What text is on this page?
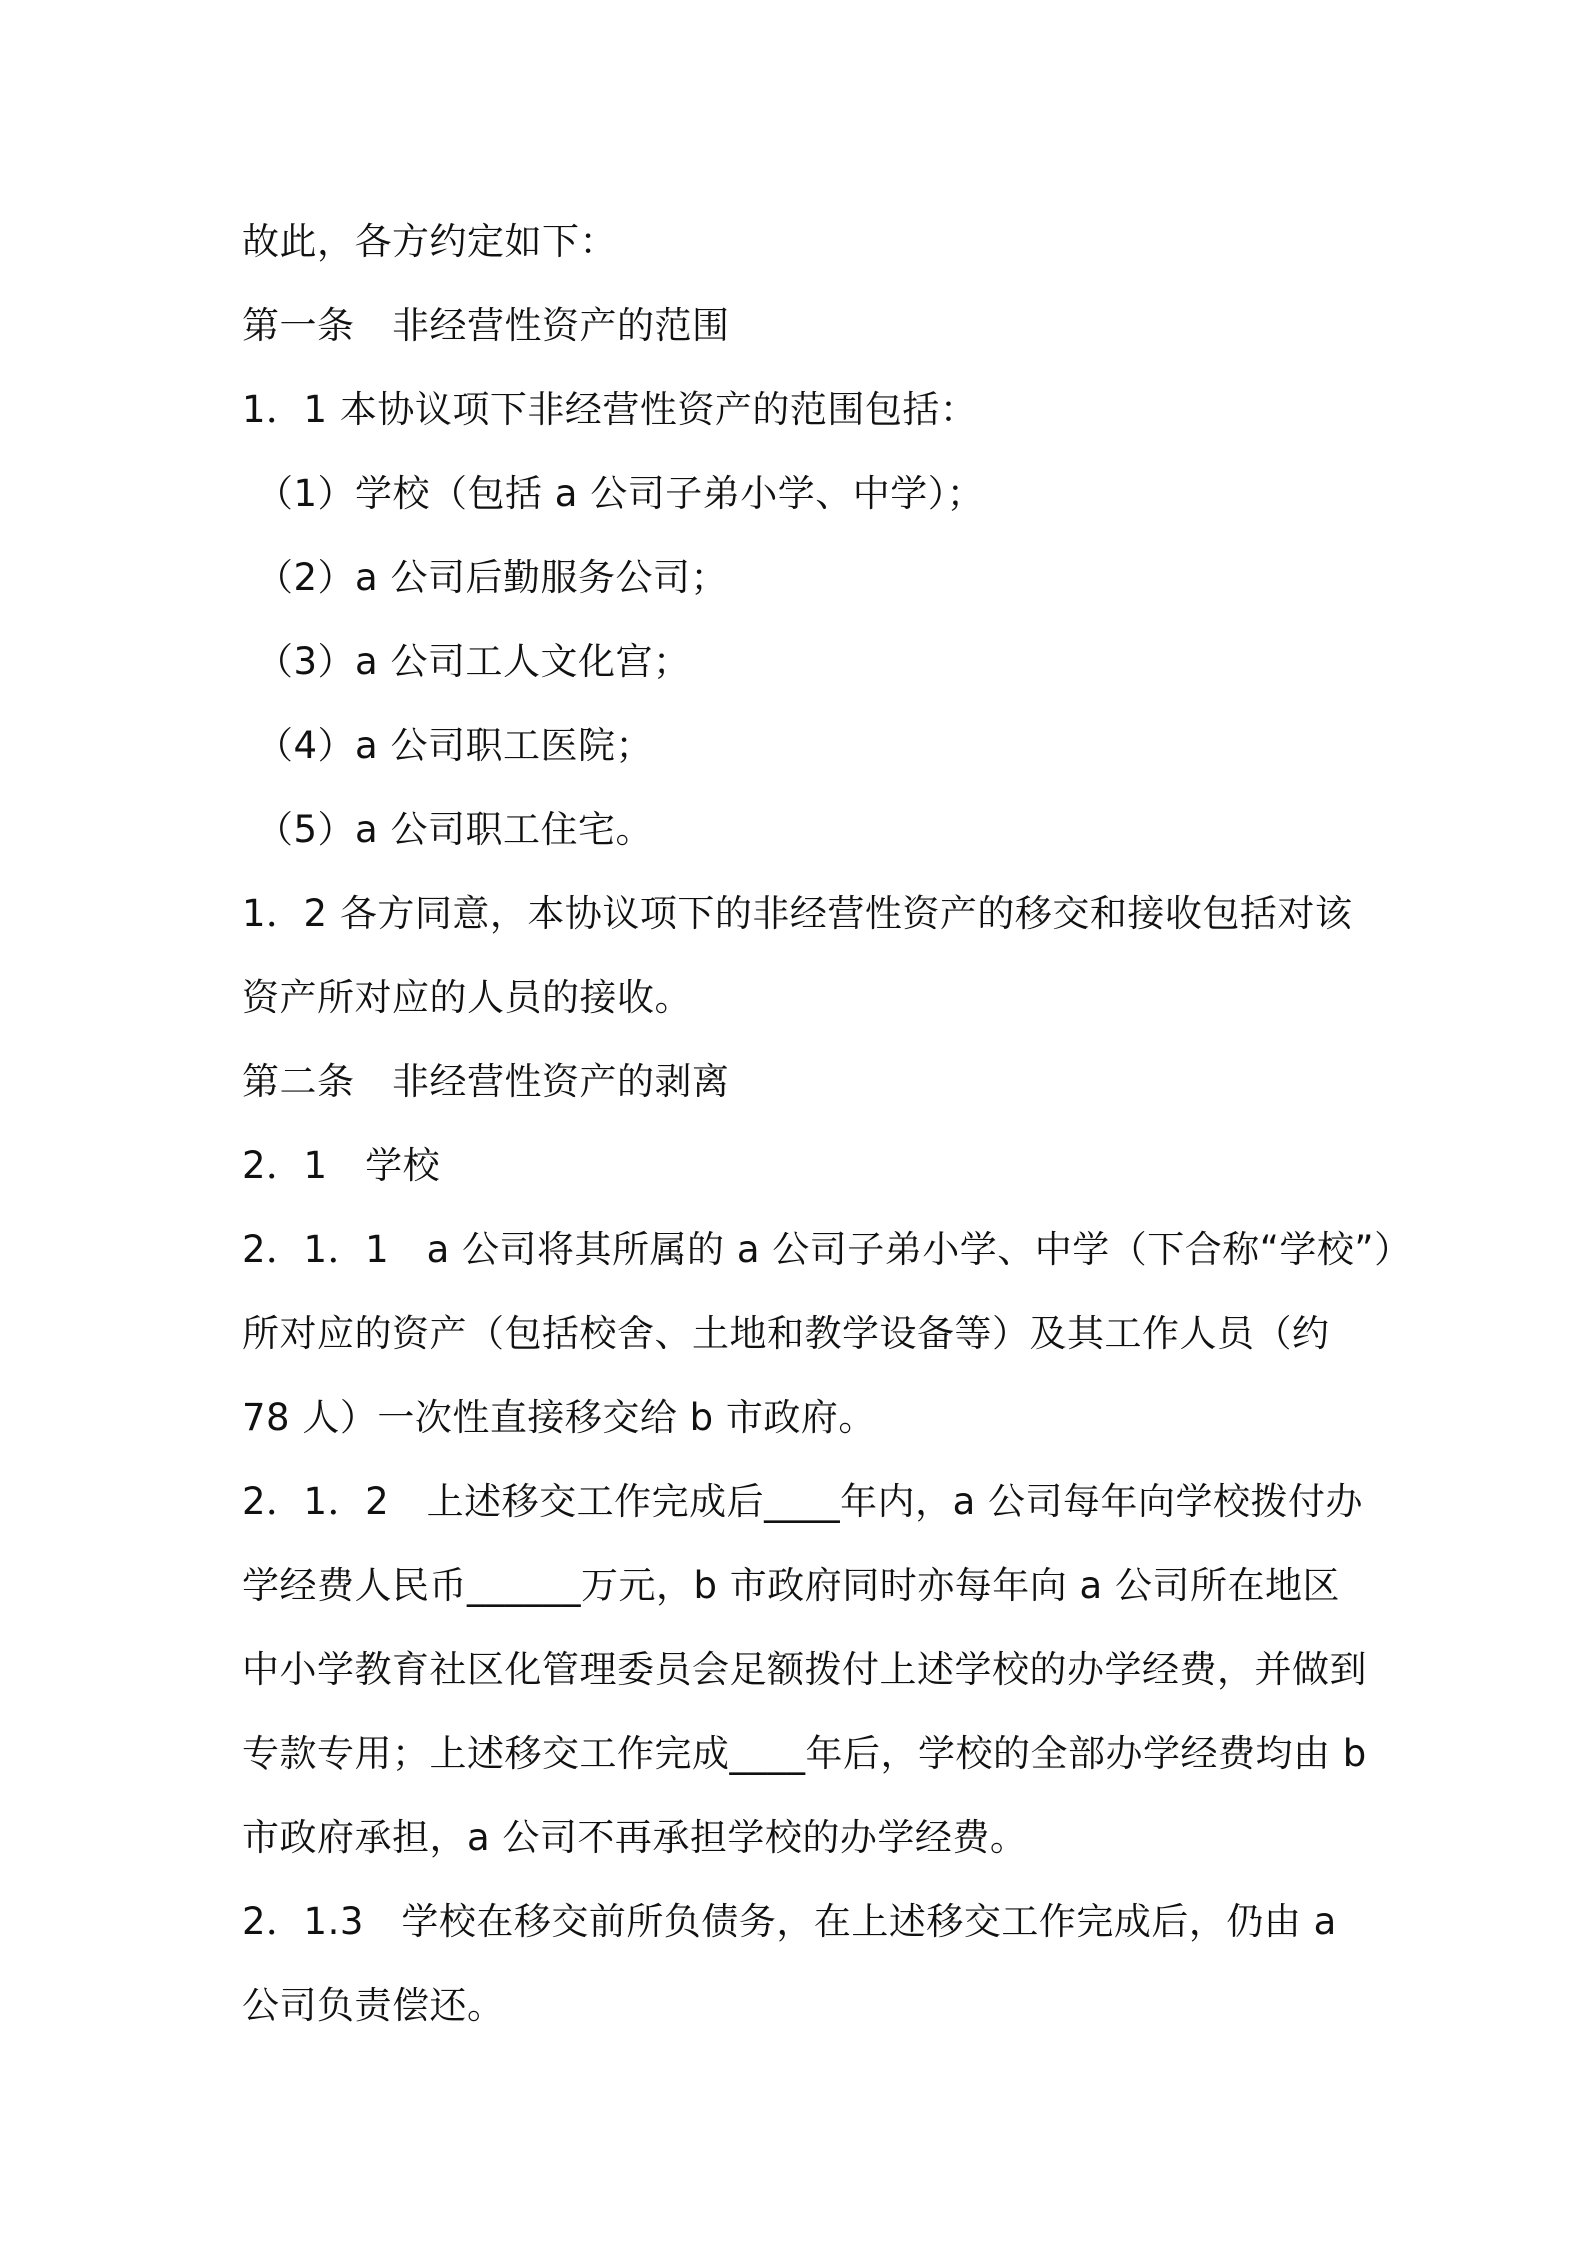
故此，各方约定如下：
第一条　非经营性资产的范围
1．1 本协议项下非经营性资产的范围包括：
（1）学校（包括 a 公司子弟小学、中学）；
（2）a 公司后勤服务公司；
（3）a 公司工人文化宫；
（4）a 公司职工医院；
（5）a 公司职工住宅。
1．2 各方同意，本协议项下的非经营性资产的移交和接收包括对该
资产所对应的人员的接收。
第二条　非经营性资产的剥离
2．1　学校
2．1．1　a 公司将其所属的 a 公司子弟小学、中学（下合称“学校”）
所对应的资产（包括校舍、土地和教学设备等）及其工作人员（约
78 人）一次性直接移交给 b 市政府。
2．1．2　上述移交工作完成后____年内，a 公司每年向学校拨付办
学经费人民币______万元，b 市政府同时亦每年向 a 公司所在地区
中小学教育社区化管理委员会足额拨付上述学校的办学经费，并做到
专款专用；上述移交工作完成____年后，学校的全部办学经费均由 b
市政府承担，a 公司不再承担学校的办学经费。
2．1.3　学校在移交前所负债务，在上述移交工作完成后，仍由 a
公司负责偿还。
